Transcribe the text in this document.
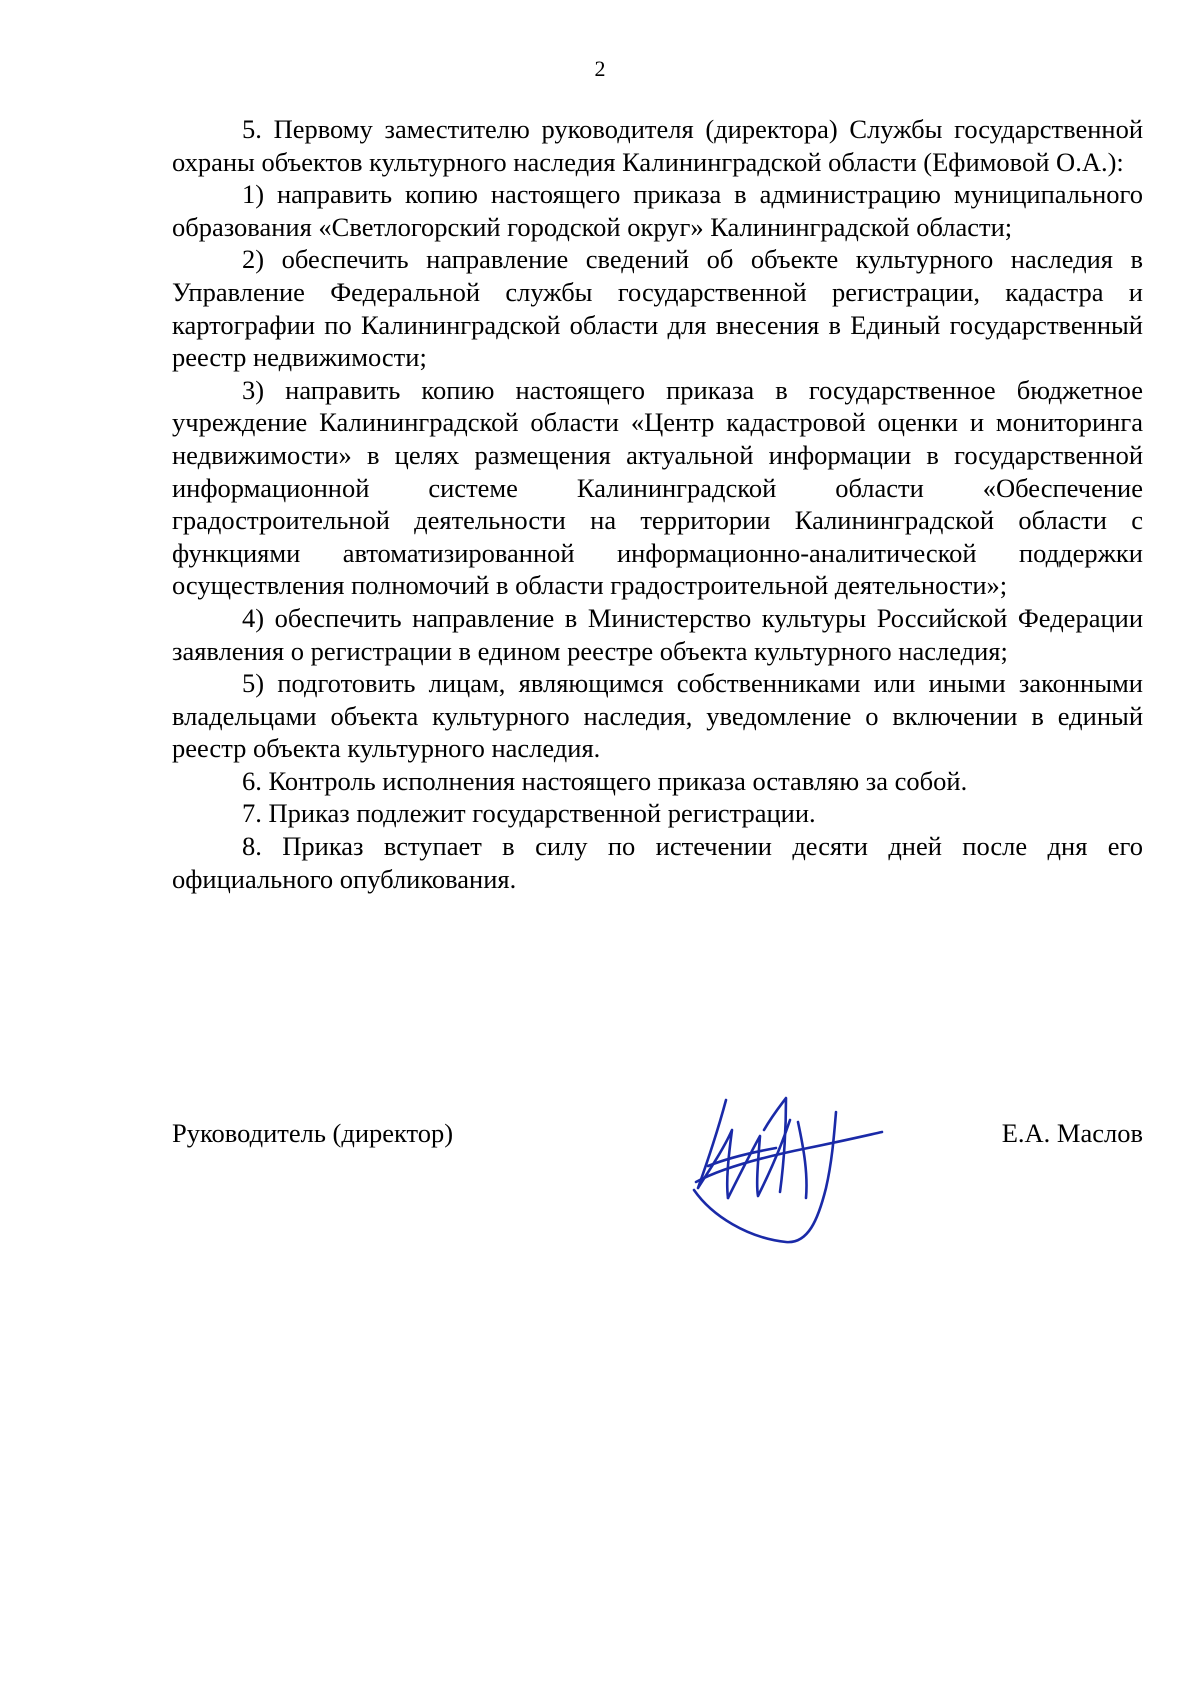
2

5. Первому заместителю руководителя (директора) Службы государственной охраны объектов культурного наследия Калининградской области (Ефимовой О.А.):

1) направить копию настоящего приказа в администрацию муниципального образования «Светлогорский городской округ» Калининградской области;

2) обеспечить направление сведений об объекте культурного наследия в Управление Федеральной службы государственной регистрации, кадастра и картографии по Калининградской области для внесения в Единый государственный реестр недвижимости;

3) направить копию настоящего приказа в государственное бюджетное учреждение Калининградской области «Центр кадастровой оценки и мониторинга недвижимости» в целях размещения актуальной информации в государственной информационной системе Калининградской области «Обеспечение градостроительной деятельности на территории Калининградской области с функциями автоматизированной информационно-аналитической поддержки осуществления полномочий в области градостроительной деятельности»;

4) обеспечить направление в Министерство культуры Российской Федерации заявления о регистрации в едином реестре объекта культурного наследия;

5) подготовить лицам, являющимся собственниками или иными законными владельцами объекта культурного наследия, уведомление о включении в единый реестр объекта культурного наследия.

6. Контроль исполнения настоящего приказа оставляю за собой.

7. Приказ подлежит государственной регистрации.

8. Приказ вступает в силу по истечении десяти дней после дня его официального опубликования.

Руководитель (директор)	Е.А. Маслов
